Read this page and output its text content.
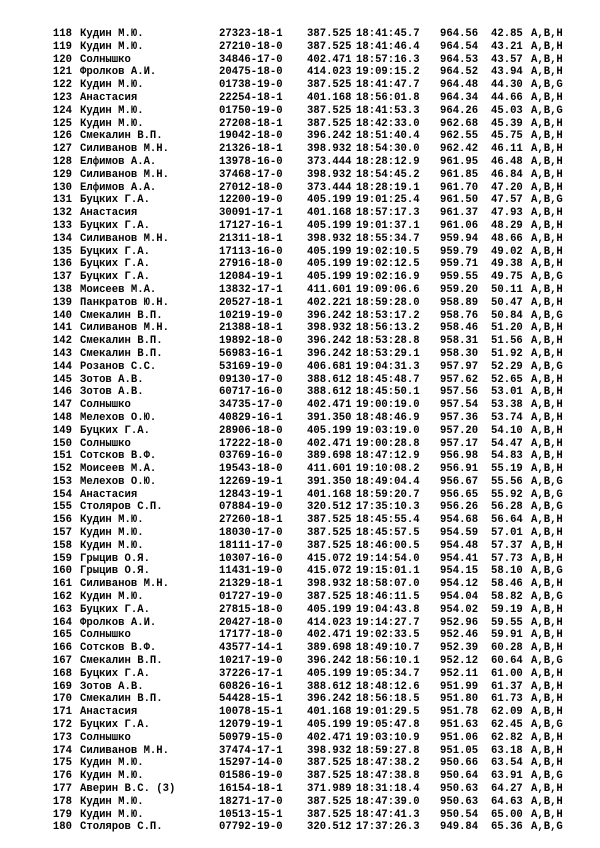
118 Кудин М.Ю.	27323-18-1 387.525 18:41:45.7 964.56 42.85 A,B,H
119 Кудин М.Ю.	27210-18-0 387.525 18:41:46.4 964.54 43.21 A,B,H
120 Солнышко	34846-17-0 402.471 18:57:16.3 964.53 43.57 A,B,H
121 Фролков А.И.	20475-18-0 414.023 19:09:15.2 964.52 43.94 A,B,H
122 Кудин М.Ю.	01738-19-0 387.525 18:41:47.7 964.48 44.30 A,B,G
123 Анастасия	22254-18-1 401.168 18:56:01.8 964.34 44.66 A,B,H
124 Кудин М.Ю.	01750-19-0 387.525 18:41:53.3 964.26 45.03 A,B,G
125 Кудин М.Ю.	27208-18-1 387.525 18:42:33.0 962.68 45.39 A,B,H
126 Смекалин В.П.	19042-18-0 396.242 18:51:40.4 962.55 45.75 A,B,H
127 Силиванов М.Н.	21326-18-1 398.932 18:54:30.0 962.42 46.11 A,B,H
128 Елфимов А.А.	13978-16-0 373.444 18:28:12.9 961.95 46.48 A,B,H
129 Силиванов М.Н.	37468-17-0 398.932 18:54:45.2 961.85 46.84 A,B,H
130 Елфимов А.А.	27012-18-0 373.444 18:28:19.1 961.70 47.20 A,B,H
131 Буцких Г.А.	12200-19-0 405.199 19:01:25.4 961.50 47.57 A,B,G
132 Анастасия	30091-17-1 401.168 18:57:17.3 961.37 47.93 A,B,H
133 Буцких Г.А.	17127-16-1 405.199 19:01:37.1 961.06 48.29 A,B,H
134 Силиванов М.Н.	21311-18-1 398.932 18:55:34.7 959.94 48.66 A,B,H
135 Буцких Г.А.	17113-16-0 405.199 19:02:10.5 959.79 49.02 A,B,H
136 Буцких Г.А.	27916-18-0 405.199 19:02:12.5 959.71 49.38 A,B,H
137 Буцких Г.А.	12084-19-1 405.199 19:02:16.9 959.55 49.75 A,B,G
138 Моисеев М.А.	13832-17-1 411.601 19:09:06.6 959.20 50.11 A,B,H
139 Панкратов Ю.Н.	20527-18-1 402.221 18:59:28.0 958.89 50.47 A,B,H
140 Смекалин В.П.	10219-19-0 396.242 18:53:17.2 958.76 50.84 A,B,G
141 Силиванов М.Н.	21388-18-1 398.932 18:56:13.2 958.46 51.20 A,B,H
142 Смекалин В.П.	19892-18-0 396.242 18:53:28.8 958.31 51.56 A,B,H
143 Смекалин В.П.	56983-16-1 396.242 18:53:29.1 958.30 51.92 A,B,H
144 Розанов С.С.	53169-19-0 406.681 19:04:31.3 957.97 52.29 A,B,G
145 Зотов А.В.	09130-17-0 388.612 18:45:48.7 957.62 52.65 A,B,H
146 Зотов А.В.	60717-16-0 388.612 18:45:50.1 957.56 53.01 A,B,H
147 Солнышко	34735-17-0 402.471 19:00:19.0 957.54 53.38 A,B,H
148 Мелехов О.Ю.	40829-16-1 391.350 18:48:46.9 957.36 53.74 A,B,H
149 Буцких Г.А.	28906-18-0 405.199 19:03:19.0 957.20 54.10 A,B,H
150 Солнышко	17222-18-0 402.471 19:00:28.8 957.17 54.47 A,B,H
151 Сотсков В.Ф.	03769-16-0 389.698 18:47:12.9 956.98 54.83 A,B,H
152 Моисеев М.А.	19543-18-0 411.601 19:10:08.2 956.91 55.19 A,B,H
153 Мелехов О.Ю.	12269-19-1 391.350 18:49:04.4 956.67 55.56 A,B,G
154 Анастасия	12843-19-1 401.168 18:59:20.7 956.65 55.92 A,B,G
155 Столяров С.П.	07884-19-0 320.512 17:35:10.3 956.26 56.28 A,B,G
156 Кудин М.Ю.	27260-18-1 387.525 18:45:55.4 954.68 56.64 A,B,H
157 Кудин М.Ю.	18030-17-0 387.525 18:45:57.5 954.59 57.01 A,B,H
158 Кудин М.Ю.	18111-17-0 387.525 18:46:00.5 954.48 57.37 A,B,H
159 Грыцив О.Я.	10307-16-0 415.072 19:14:54.0 954.41 57.73 A,B,H
160 Грыцив О.Я.	11431-19-0 415.072 19:15:01.1 954.15 58.10 A,B,G
161 Силиванов М.Н.	21329-18-1 398.932 18:58:07.0 954.12 58.46 A,B,H
162 Кудин М.Ю.	01727-19-0 387.525 18:46:11.5 954.04 58.82 A,B,G
163 Буцких Г.А.	27815-18-0 405.199 19:04:43.8 954.02 59.19 A,B,H
164 Фролков А.И.	20427-18-0 414.023 19:14:27.7 952.96 59.55 A,B,H
165 Солнышко	17177-18-0 402.471 19:02:33.5 952.46 59.91 A,B,H
166 Сотсков В.Ф.	43577-14-1 389.698 18:49:10.7 952.39 60.28 A,B,H
167 Смекалин В.П.	10217-19-0 396.242 18:56:10.1 952.12 60.64 A,B,G
168 Буцких Г.А.	37226-17-1 405.199 19:05:34.7 952.11 61.00 A,B,H
169 Зотов А.В.	60826-16-1 388.612 18:48:12.6 951.99 61.37 A,B,H
170 Смекалин В.П.	54428-15-1 396.242 18:56:18.5 951.80 61.73 A,B,H
171 Анастасия	10078-15-1 401.168 19:01:29.5 951.78 62.09 A,B,H
172 Буцких Г.А.	12079-19-1 405.199 19:05:47.8 951.63 62.45 A,B,G
173 Солнышко	50979-15-0 402.471 19:03:10.9 951.06 62.82 A,B,H
174 Силиванов М.Н.	37474-17-1 398.932 18:59:27.8 951.05 63.18 A,B,H
175 Кудин М.Ю.	15297-14-0 387.525 18:47:38.2 950.66 63.54 A,B,H
176 Кудин М.Ю.	01586-19-0 387.525 18:47:38.8 950.64 63.91 A,B,G
177 Аверин В.С. (3)	16154-18-1 371.989 18:31:18.4 950.63 64.27 A,B,H
178 Кудин М.Ю.	18271-17-0 387.525 18:47:39.0 950.63 64.63 A,B,H
179 Кудин М.Ю.	10513-15-1 387.525 18:47:41.3 950.54 65.00 A,B,H
180 Столяров С.П.	07792-19-0 320.512 17:37:26.3 949.84 65.36 A,B,G
